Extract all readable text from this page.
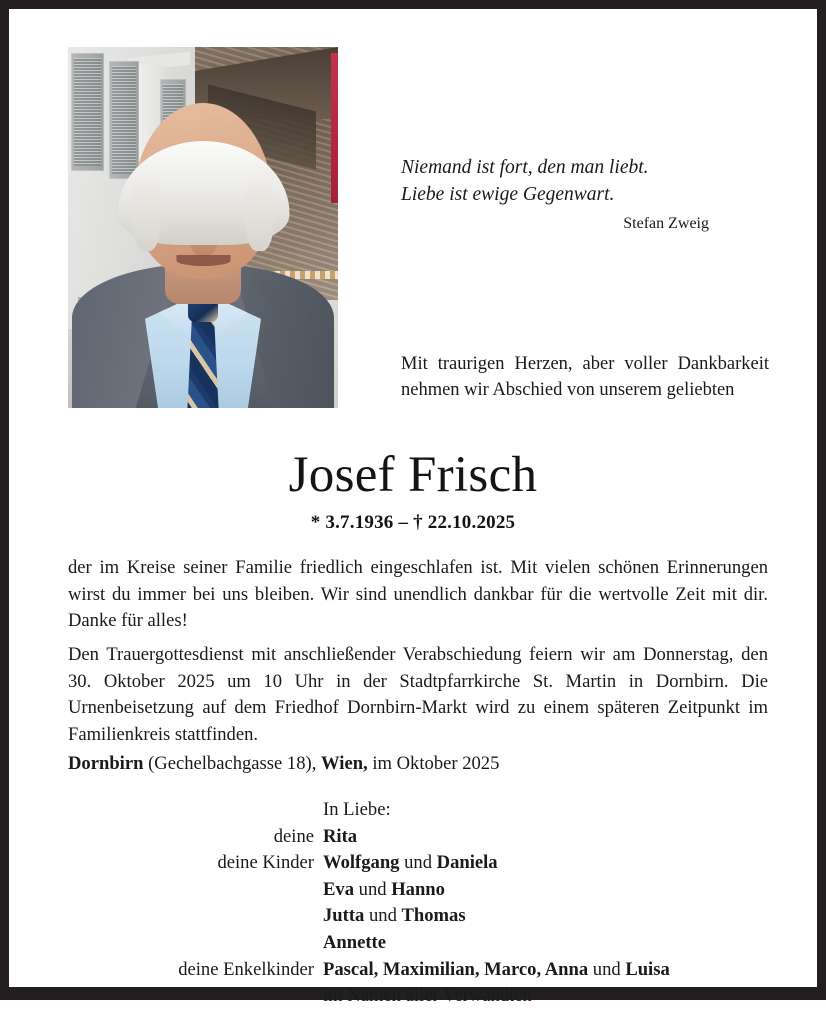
Niemand ist fort, den man liebt.
Liebe ist ewige Gegenwart.
Stefan Zweig
Mit traurigen Herzen, aber voller Dankbarkeit nehmen wir Abschied von unserem geliebten
Josef Frisch
* 3.7.1936 – † 22.10.2025
der im Kreise seiner Familie friedlich eingeschlafen ist. Mit vielen schönen Erinnerungen wirst du immer bei uns bleiben. Wir sind unendlich dankbar für die wertvolle Zeit mit dir. Danke für alles!
Den Trauergottesdienst mit anschließender Verabschiedung feiern wir am Donnerstag, den 30. Oktober 2025 um 10 Uhr in der Stadtpfarrkirche St. Martin in Dornbirn. Die Urnenbeisetzung auf dem Friedhof Dornbirn-Markt wird zu einem späteren Zeitpunkt im Familienkreis stattfinden.
Dornbirn (Gechelbachgasse 18), Wien, im Oktober 2025
In Liebe:
deine Rita
deine Kinder Wolfgang und Daniela
Eva und Hanno
Jutta und Thomas
Annette
deine Enkelkinder Pascal, Maximilian, Marco, Anna und Luisa
im Namen aller Verwandten
